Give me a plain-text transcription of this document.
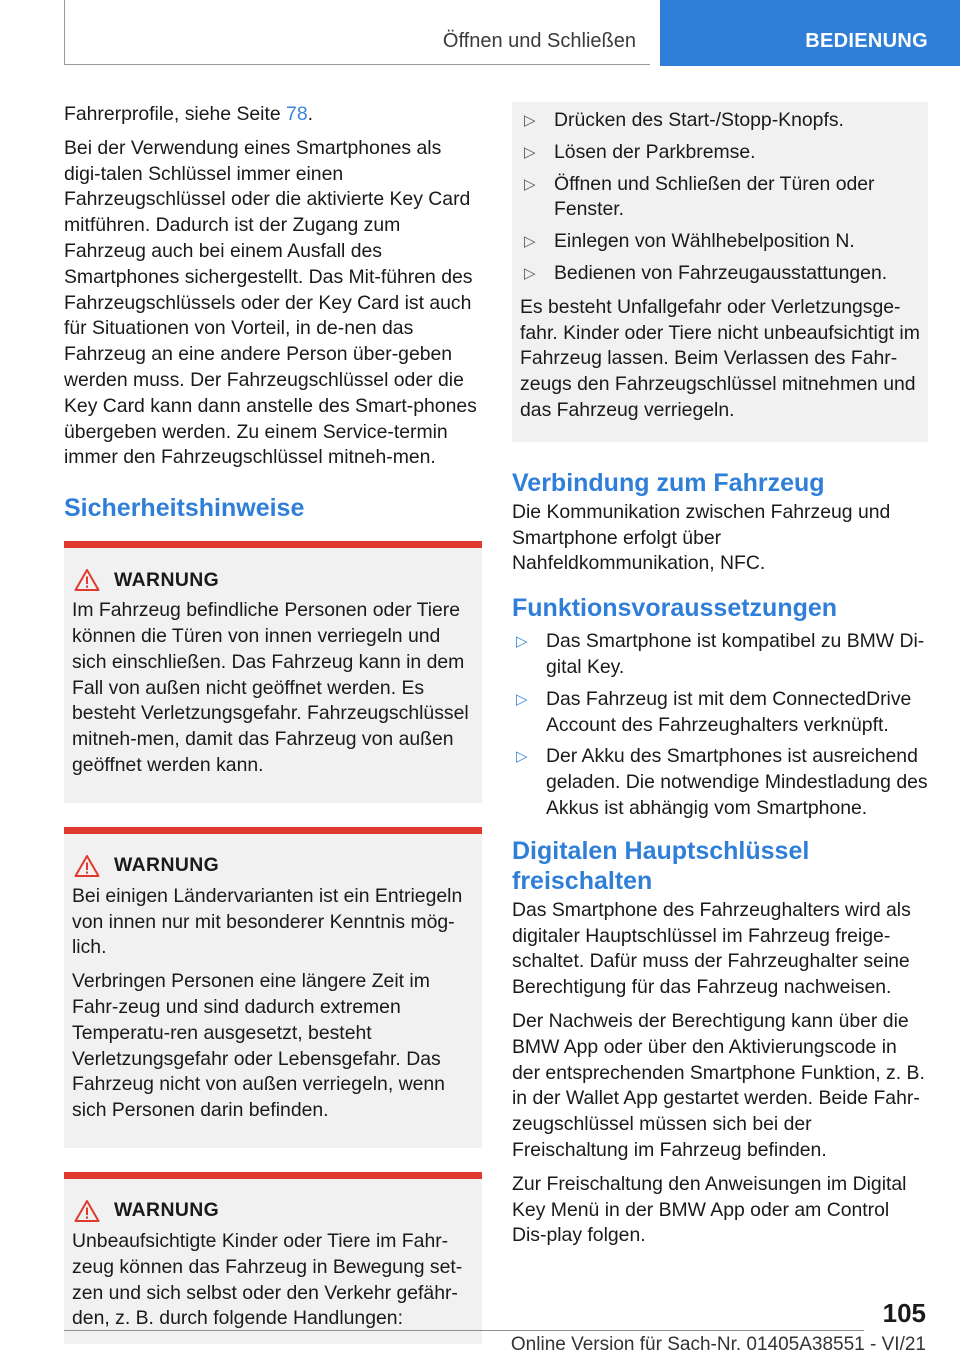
Öffnen und Schließen	BEDIENUNG

Fahrerprofile, siehe Seite 78.

Bei der Verwendung eines Smartphones als digi‐talen Schlüssel immer einen Fahrzeugschlüssel oder die aktivierte Key Card mitführen. Dadurch ist der Zugang zum Fahrzeug auch bei einem Ausfall des Smartphones sichergestellt. Das Mit‐führen des Fahrzeugschlüssels oder der Key Card ist auch für Situationen von Vorteil, in de‐nen das Fahrzeug an eine andere Person über‐geben werden muss. Der Fahrzeugschlüssel oder die Key Card kann dann anstelle des Smart‐phones übergeben werden. Zu einem Service‐termin immer den Fahrzeugschlüssel mitneh‐men.

Sicherheitshinweise
WARNUNG

Im Fahrzeug befindliche Personen oder Tiere können die Türen von innen verriegeln und sich einschließen. Das Fahrzeug kann in dem Fall von außen nicht geöffnet werden. Es besteht Verletzungsgefahr. Fahrzeugschlüssel mitneh‐men, damit das Fahrzeug von außen geöffnet werden kann.

WARNUNG

Bei einigen Ländervarianten ist ein Entriegeln von innen nur mit besonderer Kenntnis mög‐lich.

Verbringen Personen eine längere Zeit im Fahr‐zeug und sind dadurch extremen Temperatu‐ren ausgesetzt, besteht Verletzungsgefahr oder Lebensgefahr. Das Fahrzeug nicht von außen verriegeln, wenn sich Personen darin befinden.

WARNUNG

Unbeaufsichtigte Kinder oder Tiere im Fahr‐zeug können das Fahrzeug in Bewegung set‐zen und sich selbst oder den Verkehr gefähr‐den, z. B. durch folgende Handlungen:

▷ Drücken des Start-/Stopp-Knopfs.
▷ Lösen der Parkbremse.
▷ Öffnen und Schließen der Türen oder Fenster.
▷ Einlegen von Wählhebelposition N.
▷ Bedienen von Fahrzeugausstattungen.

Es besteht Unfallgefahr oder Verletzungsge‐fahr. Kinder oder Tiere nicht unbeaufsichtigt im Fahrzeug lassen. Beim Verlassen des Fahr‐zeugs den Fahrzeugschlüssel mitnehmen und das Fahrzeug verriegeln.

Verbindung zum Fahrzeug

Die Kommunikation zwischen Fahrzeug und Smartphone erfolgt über Nahfeldkommunikation, NFC.

Funktionsvoraussetzungen
▷ Das Smartphone ist kompatibel zu BMW Di‐gital Key.
▷ Das Fahrzeug ist mit dem ConnectedDrive Account des Fahrzeughalters verknüpft.
▷ Der Akku des Smartphones ist ausreichend geladen. Die notwendige Mindestladung des Akkus ist abhängig vom Smartphone.
Digitalen Hauptschlüssel freischalten

Das Smartphone des Fahrzeughalters wird als digitaler Hauptschlüssel im Fahrzeug freige‐schaltet. Dafür muss der Fahrzeughalter seine Berechtigung für das Fahrzeug nachweisen.

Der Nachweis der Berechtigung kann über die BMW App oder über den Aktivierungscode in der entsprechenden Smartphone Funktion, z. B. in der Wallet App gestartet werden. Beide Fahr‐zeugschlüssel müssen sich bei der Freischaltung im Fahrzeug befinden.

Zur Freischaltung den Anweisungen im Digital Key Menü in der BMW App oder am Control Dis‐play folgen.

105
Online Version für Sach-Nr. 01405A38551 - VI/21
